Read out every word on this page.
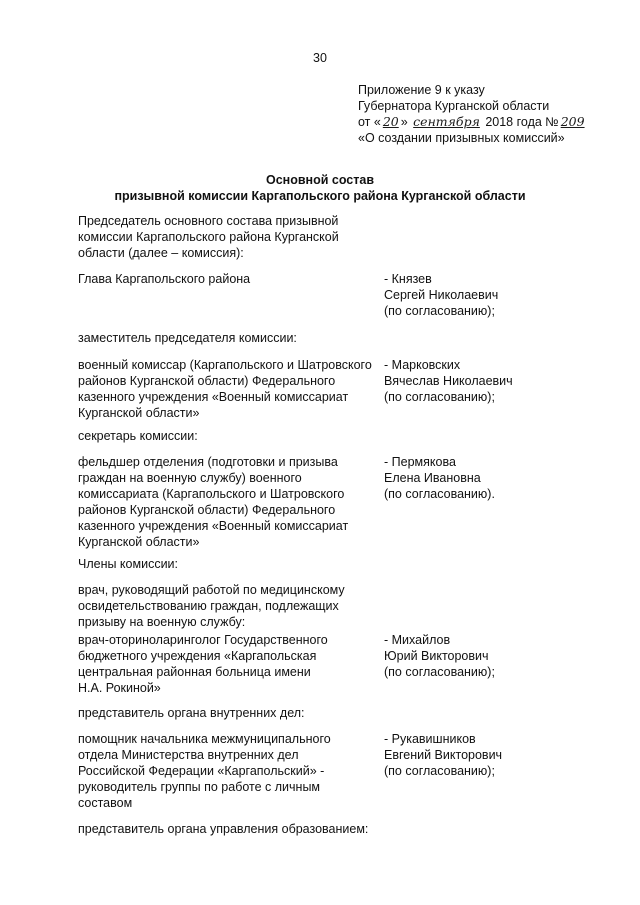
30
Приложение 9 к указу
Губернатора Курганской области
от « 20 » сентября 2018 года № 209
«О создании призывных комиссий»
Основной состав
призывной комиссии Каргапольского района Курганской области
Председатель основного состава призывной
комиссии Каргапольского района Курганской
области (далее – комиссия):
Глава Каргапольского района	- Князев
Сергей Николаевич
(по согласованию);
заместитель председателя комиссии:
военный комиссар (Каргапольского и Шатровского
районов Курганской области) Федерального
казенного учреждения «Военный комиссариат
Курганской области»
- Марковских
Вячеслав Николаевич
(по согласованию);
секретарь комиссии:
фельдшер отделения (подготовки и призыва
граждан на военную службу) военного
комиссариата (Каргапольского и Шатровского
районов Курганской области) Федерального
казенного учреждения «Военный комиссариат
Курганской области»
- Пермякова
Елена Ивановна
(по согласованию).
Члены комиссии:
врач, руководящий работой по медицинскому
освидетельствованию граждан, подлежащих
призыву на военную службу:
врач-оториноларинголог Государственного
бюджетного учреждения «Каргапольская
центральная районная больница имени
Н.А. Рокиной»
- Михайлов
Юрий Викторович
(по согласованию);
представитель органа внутренних дел:
помощник начальника межмуниципального
отдела Министерства внутренних дел
Российской Федерации «Каргапольский» -
руководитель группы по работе с личным
составом
- Рукавишников
Евгений Викторович
(по согласованию);
представитель органа управления образованием:
